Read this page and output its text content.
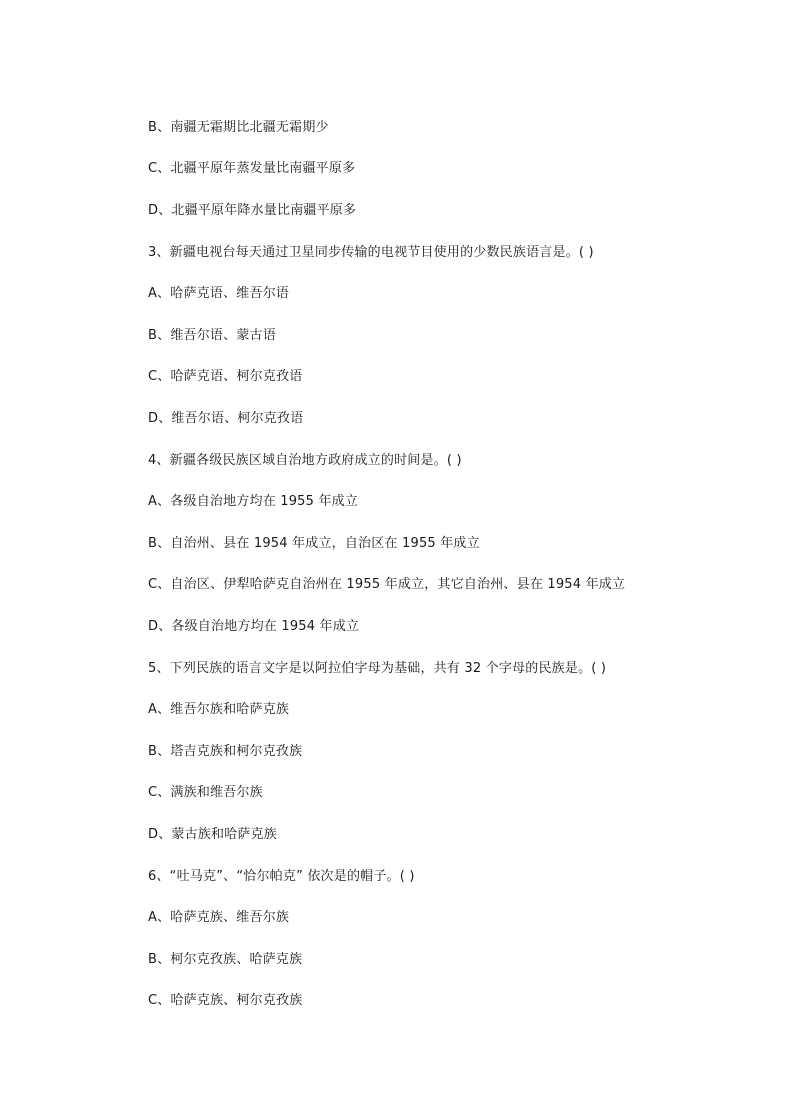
B、南疆无霜期比北疆无霜期少
C、北疆平原年蒸发量比南疆平原多
D、北疆平原年降水量比南疆平原多
3、新疆电视台每天通过卫星同步传输的电视节目使用的少数民族语言是。( )
A、哈萨克语、维吾尔语
B、维吾尔语、蒙古语
C、哈萨克语、柯尔克孜语
D、维吾尔语、柯尔克孜语
4、新疆各级民族区域自治地方政府成立的时间是。( )
A、各级自治地方均在 1955 年成立
B、自治州、县在 1954 年成立，自治区在 1955 年成立
C、自治区、伊犁哈萨克自治州在 1955 年成立，其它自治州、县在 1954 年成立
D、各级自治地方均在 1954 年成立
5、下列民族的语言文字是以阿拉伯字母为基础，共有 32 个字母的民族是。( )
A、维吾尔族和哈萨克族
B、塔吉克族和柯尔克孜族
C、满族和维吾尔族
D、蒙古族和哈萨克族
6、“吐马克”、“恰尔帕克” 依次是的帽子。( )
A、哈萨克族、维吾尔族
B、柯尔克孜族、哈萨克族
C、哈萨克族、柯尔克孜族
